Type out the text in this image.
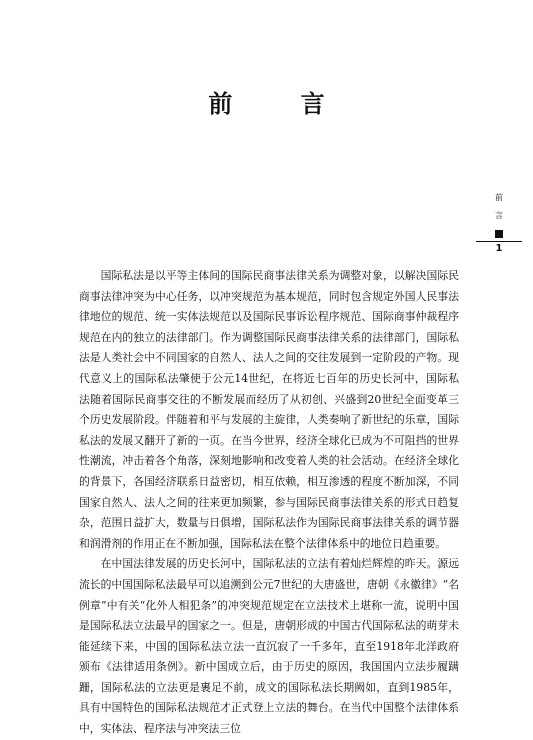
前 言
前
言
1

国际私法是以平等主体间的国际民商事法律关系为调整对象，以解决国际民商事法律冲突为中心任务，以冲突规范为基本规范，同时包含规定外国人民事法律地位的规范、统一实体法规范以及国际民事诉讼程序规范、国际商事仲裁程序规范在内的独立的法律部门。作为调整国际民商事法律关系的法律部门，国际私法是人类社会中不同国家的自然人、法人之间的交往发展到一定阶段的产物。现代意义上的国际私法肇使于公元14世纪，在将近七百年的历史长河中，国际私法随着国际民商事交往的不断发展而经历了从初创、兴盛到20世纪全面变革三个历史发展阶段。伴随着和平与发展的主旋律，人类奏响了新世纪的乐章，国际私法的发展又翻开了新的一页。在当今世界，经济全球化已成为不可阻挡的世界性潮流，冲击着各个角落，深刻地影响和改变着人类的社会活动。在经济全球化的背景下，各国经济联系日益密切，相互依赖，相互渗透的程度不断加深，不同国家自然人、法人之间的往来更加频繁，参与国际民商事法律关系的形式日趋复杂，范围日益扩大，数量与日俱增，国际私法作为国际民商事法律关系的调节器和润滑剂的作用正在不断加强，国际私法在整个法律体系中的地位日趋重要。

在中国法律发展的历史长河中，国际私法的立法有着灿烂辉煌的昨天。源远流长的中国国际私法最早可以追溯到公元7世纪的大唐盛世，唐朝《永徽律》“名例章”中有关“化外人相犯条”的冲突规范规定在立法技术上堪称一流，说明中国是国际私法立法最早的国家之一。但是，唐朝形成的中国古代国际私法的萌芽未能延续下来，中国的国际私法立法一直沉寂了一千多年，直至1918年北洋政府颁布《法律适用条例》。新中国成立后，由于历史的原因，我国国内立法步履蹒跚，国际私法的立法更是裹足不前，成文的国际私法长期阙如，直到1985年，具有中国特色的国际私法规范才正式登上立法的舞台。在当代中国整个法律体系中，实体法、程序法与冲突法三位
